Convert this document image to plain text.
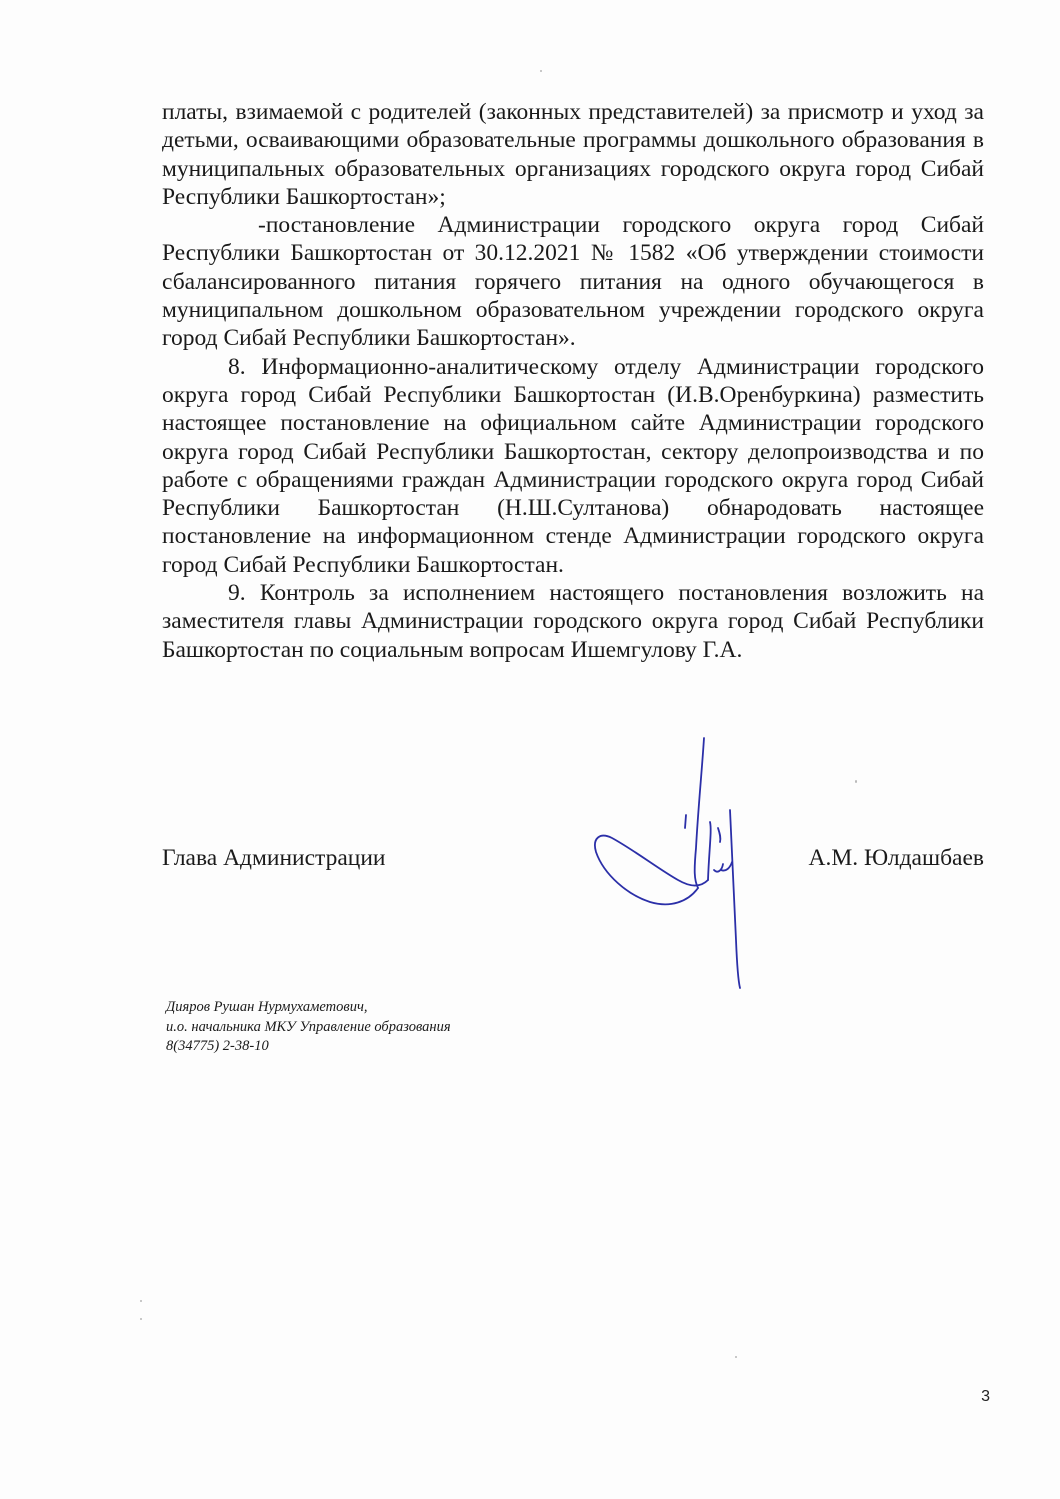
платы, взимаемой с родителей (законных представителей) за присмотр и уход за детьми, осваивающими образовательные программы дошкольного образования в муниципальных образовательных организациях городского округа город Сибай Республики Башкортостан»;

-постановление Администрации городского округа город Сибай Республики Башкортостан от 30.12.2021 № 1582 «Об утверждении стоимости сбалансированного питания горячего питания на одного обучающегося в муниципальном дошкольном образовательном учреждении городского округа город Сибай Республики Башкортостан».

8. Информационно-аналитическому отделу Администрации городского округа город Сибай Республики Башкортостан (И.В.Оренбуркина) разместить настоящее постановление на официальном сайте Администрации городского округа город Сибай Республики Башкортостан, сектору делопроизводства и по работе с обращениями граждан Администрации городского округа город Сибай Республики Башкортостан (Н.Ш.Султанова) обнародовать настоящее постановление на информационном стенде Администрации городского округа город Сибай Республики Башкортостан.

9. Контроль за исполнением настоящего постановления возложить на заместителя главы Администрации городского округа город Сибай Республики Башкортостан по социальным вопросам Ишемгулову Г.А.

Глава Администрации	А.М. Юлдашбаев
Дияров Рушан Нурмухаметович,
и.о. начальника МКУ Управление образования
8(34775) 2-38-10
3
